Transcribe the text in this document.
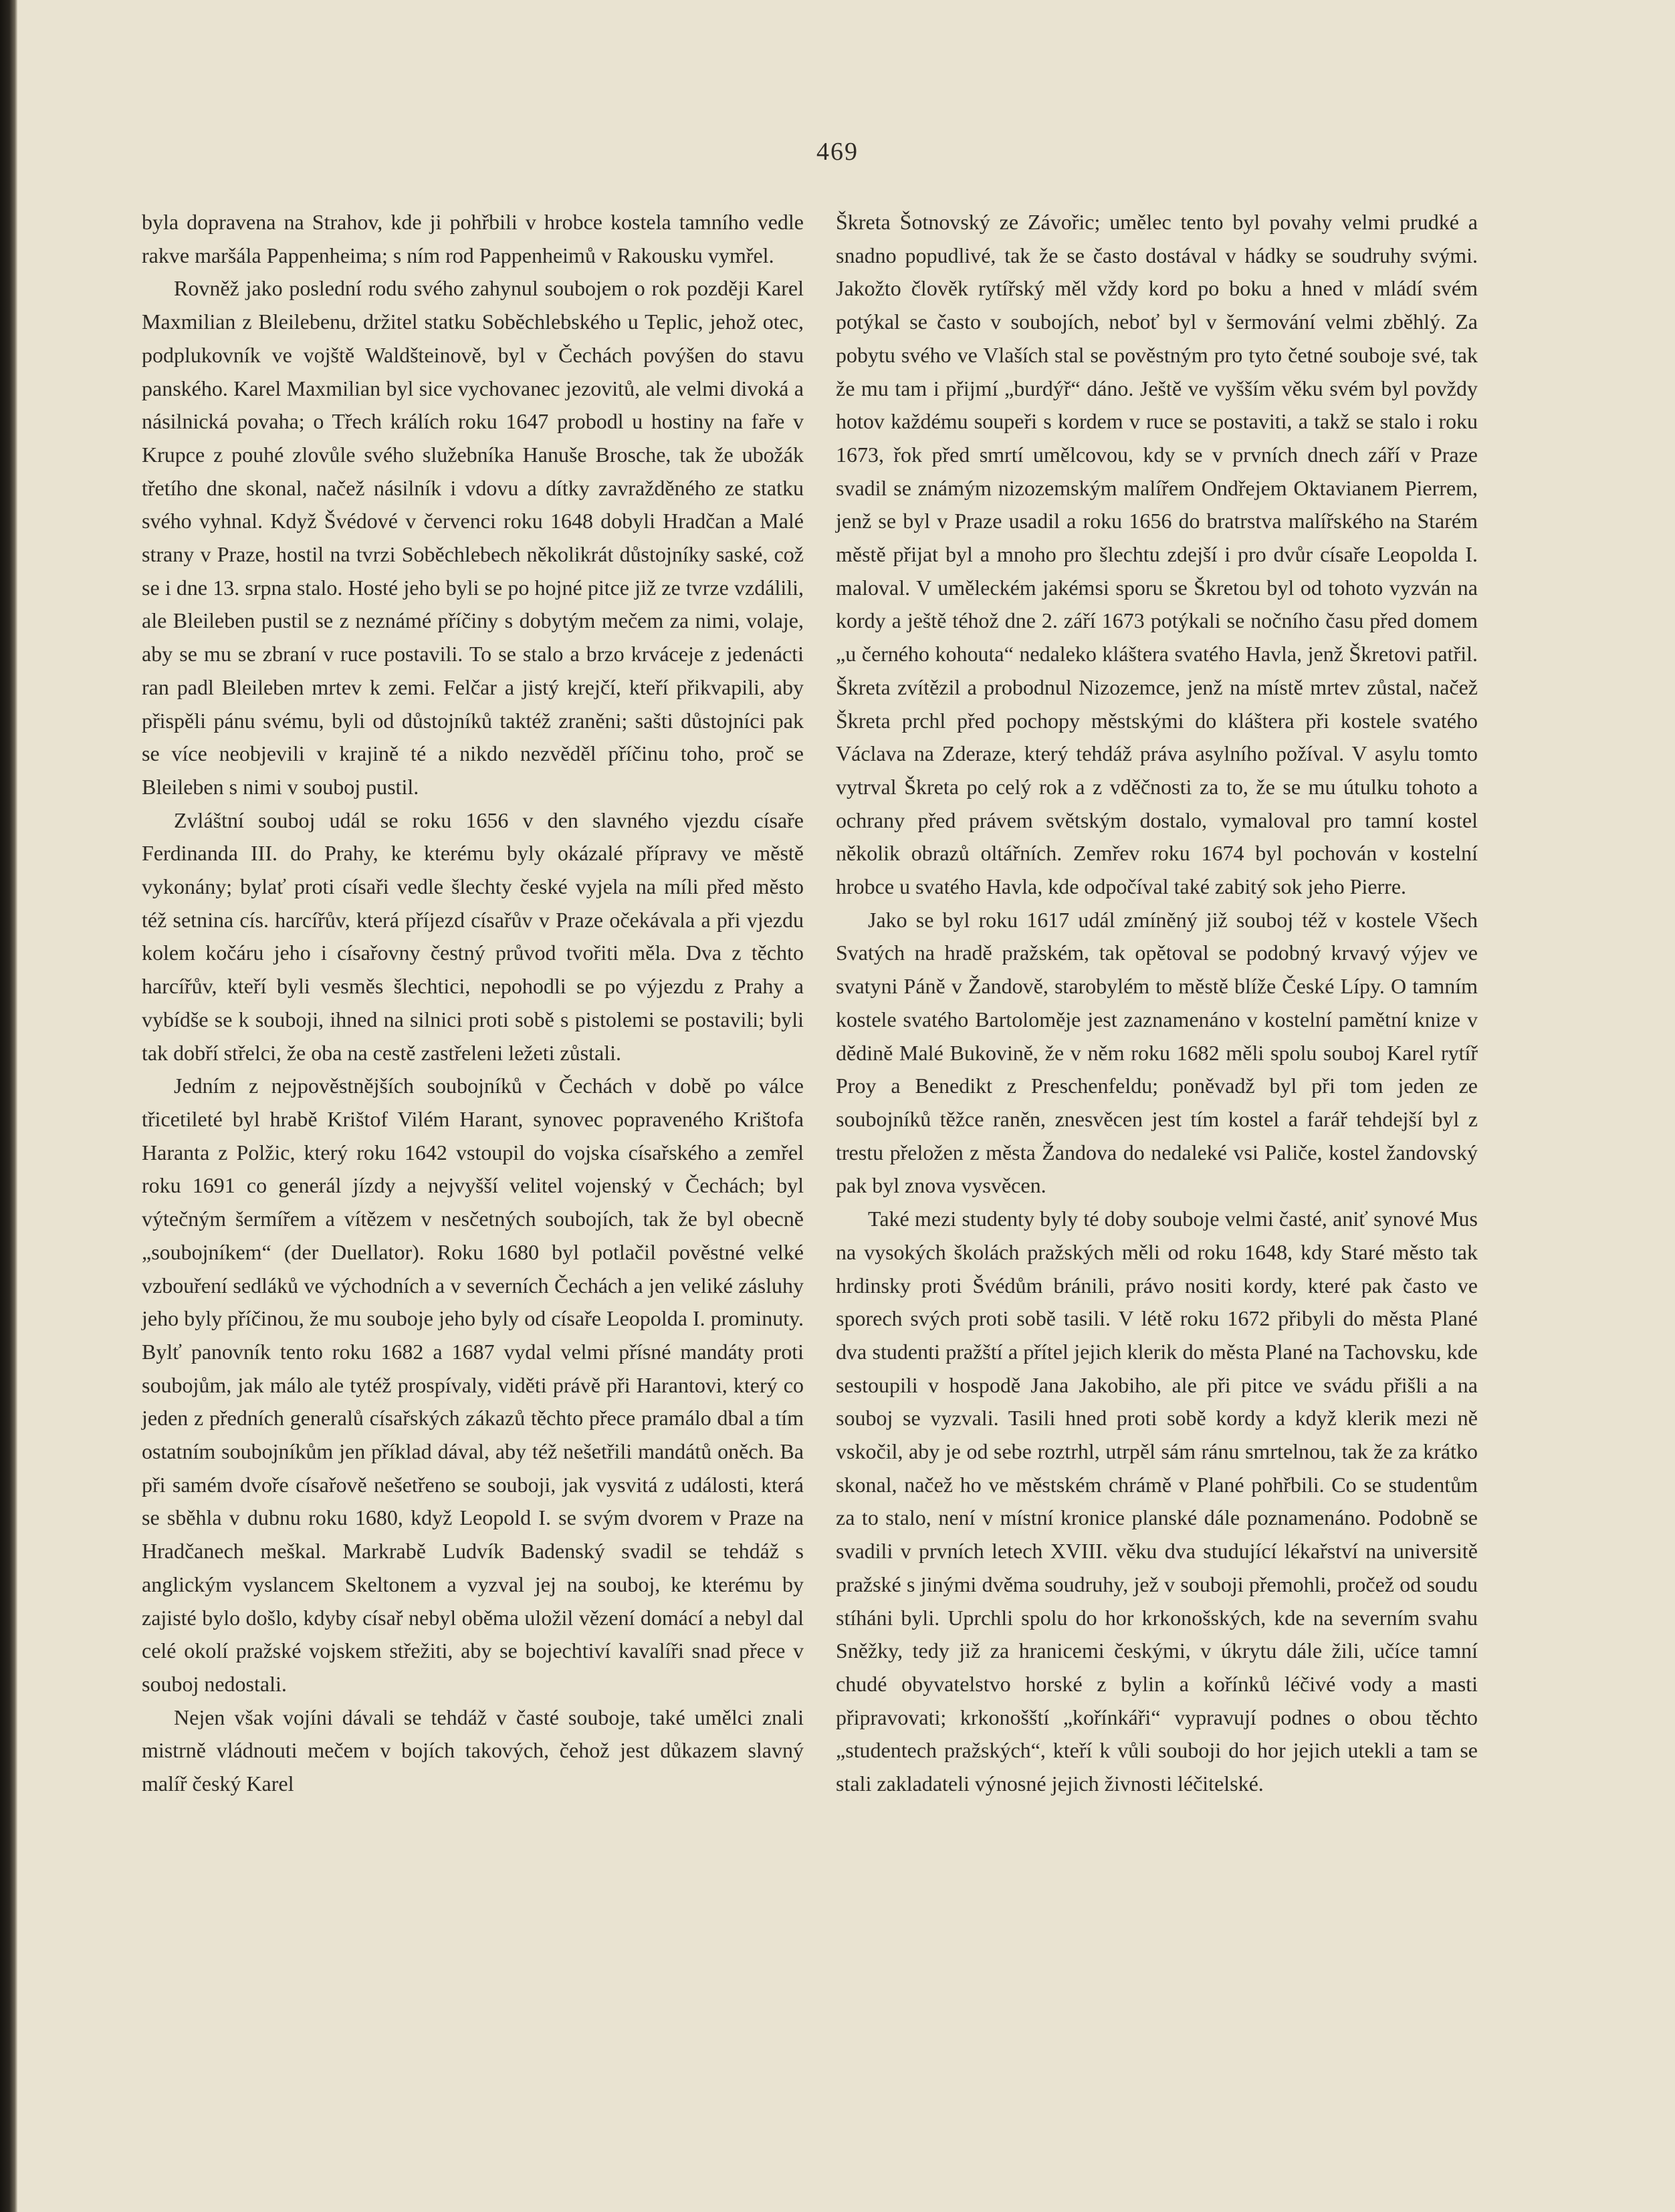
469

byla dopravena na Strahov, kde ji pohřbili v hrobce kostela tamního vedle rakve maršála Pappenheima; s ním rod Pappenheimů v Rakousku vymřel.

Rovněž jako poslední rodu svého zahynul soubojem o rok později Karel Maxmilian z Bleilebenu, držitel statku Soběchlebského u Teplic, jehož otec, podplukovník ve vojště Waldšteinově, byl v Čechách povýšen do stavu panského. Karel Maxmilian byl sice vychovanec jezovitů, ale velmi divoká a násilnická povaha; o Třech králích roku 1647 probodl u hostiny na faře v Krupce z pouhé zlovůle svého služebníka Hanuše Brosche, tak že ubožák třetího dne skonal, načež násilník i vdovu a dítky zavražděného ze statku svého vyhnal. Když Švédové v červenci roku 1648 dobyli Hradčan a Malé strany v Praze, hostil na tvrzi Soběchlebech několikrát důstojníky saské, což se i dne 13. srpna stalo. Hosté jeho byli se po hojné pitce již ze tvrze vzdálili, ale Bleileben pustil se z neznámé příčiny s dobytým mečem za nimi, volaje, aby se mu se zbraní v ruce postavili. To se stalo a brzo krvácejе z jedenácti ran padl Bleileben mrtev k zemi. Felčar a jistý krejčí, kteří přikvapili, aby přispěli pánu svému, byli od důstojníků taktéž zraněni; sašti důstojníci pak se více neobjevili v krajině té a nikdo nezvěděl příčinu toho, proč se Bleileben s nimi v souboj pustil.

Zvláštní souboj udál se roku 1656 v den slavného vjezdu císaře Ferdinanda III. do Prahy, ke kterému byly okázalé přípravy ve městě vykonány; bylať proti císaři vedle šlechty české vyjela na míli před město též setnina cís. harcířův, která příjezd císařův v Praze očekávala a při vjezdu kolem kočáru jeho i císařovny čestný průvod tvořiti měla. Dva z těchto harcířův, kteří byli vesměs šlechtici, nepohodli se po výjezdu z Prahy a vybídše se k souboji, ihned na silnici proti sobě s pistolemi se postavili; byli tak dobří střelci, že oba na cestě zastřeleni ležeti zůstali.

Jedním z nejpověstnějších soubojníků v Čechách v době po válce třicetileté byl hrabě Krištof Vilém Harant, synovec popraveného Krištofa Haranta z Polžic, který roku 1642 vstoupil do vojska císařského a zemřel roku 1691 co generál jízdy a nejvyšší velitel vojenský v Čechách; byl výtečným šermířem a vítězem v nesčetných soubojích, tak že byl obecně „soubojníkem“ (der Duellator). Roku 1680 byl potlačil pověstné velké vzbouření sedláků ve východních a v severních Čechách a jen veliké zásluhy jeho byly příčinou, že mu souboje jeho byly od císaře Leopolda I. prominuty. Bylť panovník tento roku 1682 a 1687 vydal velmi přísné mandáty proti soubojům, jak málo ale tytéž prospívaly, viděti právě při Harantovi, který co jeden z předních generalů císařských zákazů těchto přece pramálo dbal a tím ostatním soubojníkům jen příklad dával, aby též nešetřili mandátů oněch. Ba při samém dvoře císařově nešetřeno se souboji, jak vysvitá z události, která se sběhla v dubnu roku 1680, když Leopold I. se svým dvorem v Praze na Hradčanech meškal. Markrabě Ludvík Badenský svadil se tehdáž s anglickým vyslancem Skeltonem a vyzval jej na souboj, ke kterému by zajisté bylo došlo, kdyby císař nebyl oběma uložil vězení domácí a nebyl dal celé okolí pražské vojskem střežiti, aby se bojechtiví kavalíři snad přece v souboj nedostali.

Nejen však vojíni dávali se tehdáž v časté souboje, také umělci znali mistrně vládnouti mečem v bojích takových, čehož jest důkazem slavný malíř český Karel

Škreta Šotnovský ze Závořic; umělec tento byl povahy velmi prudké a snadno popudlivé, tak že se často dostával v hádky se soudruhy svými. Jakožto člověk rytířský měl vždy kord po boku a hned v mládí svém potýkal se často v soubojích, neboť byl v šermování velmi zběhlý. Za pobytu svého ve Vlaších stal se pověstným pro tyto četné souboje své, tak že mu tam i přijmí „burdýř“ dáno. Ještě ve vyšším věku svém byl povždy hotov každému soupeři s kordem v ruce se postaviti, a takž se stalo i roku 1673, řok před smrtí umělcovou, kdy se v prvních dnech září v Praze svadil se známým nizozemským malířem Ondřejem Oktavianem Pierrem, jenž se byl v Praze usadil a roku 1656 do bratrstva malířského na Starém městě přijat byl a mnoho pro šlechtu zdejší i pro dvůr císaře Leopolda I. maloval. V uměleckém jakémsi sporu se Škretou byl od tohoto vyzván na kordy a ještě téhož dne 2. září 1673 potýkali se nočního času před domem „u černého kohouta“ nedaleko kláštera svatého Havla, jenž Škretovi patřil. Škreta zvítězil a probodnul Nizozemce, jenž na místě mrtev zůstal, načež Škreta prchl před pochopy městskými do kláštera při kostele svatého Václava na Zderaze, který tehdáž práva asylního požíval. V asylu tomto vytrval Škreta po celý rok a z vděčnosti za to, že se mu útulku tohoto a ochrany před právem světským dostalo, vymaloval pro tamní kostel několik obrazů oltářních. Zemřev roku 1674 byl pochován v kostelní hrobce u svatého Havla, kde odpočíval také zabitý sok jeho Pierre.

Jako se byl roku 1617 udál zmíněný již souboj též v kostele Všech Svatých na hradě pražském, tak opětoval se podobný krvavý výjev ve svatyni Páně v Žandově, starobylém to městě blíže České Lípy. O tamním kostele svatého Bartoloměje jest zaznamenáno v kostelní pamětní knize v dědině Malé Bukovině, že v něm roku 1682 měli spolu souboj Karel rytíř Proy a Benedikt z Preschenfeldu; poněvadž byl při tom jeden ze soubojníků těžce raněn, znesvěcen jest tím kostel a farář tehdejší byl z trestu přeložen z města Žandova do nedaleké vsi Paliče, kostel žandovský pak byl znova vysvěcen.

Také mezi studenty byly té doby souboje velmi časté, aniť synové Mus na vysokých školách pražských měli od roku 1648, kdy Staré město tak hrdinsky proti Švédům bránili, právo nositi kordy, které pak často ve sporech svých proti sobě tasili. V létě roku 1672 přibyli do města Plané dva studenti pražští a přítel jejich klerik do města Plané na Tachovsku, kde sestoupili v hospodě Jana Jakobiho, ale při pitce ve svádu přišli a na souboj se vyzvali. Tasili hned proti sobě kordy a když klerik mezi ně vskočil, aby je od sebe roztrhl, utrpěl sám ránu smrtelnou, tak že za krátko skonal, načež ho ve městském chrámě v Plané pohřbili. Co se studentům za to stalo, není v místní kronice planské dále poznamenáno. Podobně se svadili v prvních letech XVIII. věku dva studující lékařství na universitě pražské s jinými dvěma soudruhy, jež v souboji přemohli, pročež od soudu stíháni byli. Uprchli spolu do hor krkonošských, kde na severním svahu Sněžky, tedy již za hranicemi českými, v úkrytu dále žili, učíce tamní chudé obyvatelstvo horské z bylin a kořínků léčivé vody a masti připravovati; krkonošští „kořínkáři“ vypravují podnes o obou těchto „studentech pražských“, kteří k vůli souboji do hor jejich utekli a tam se stali zakladateli výnosné jejich živnosti léčitelské.
